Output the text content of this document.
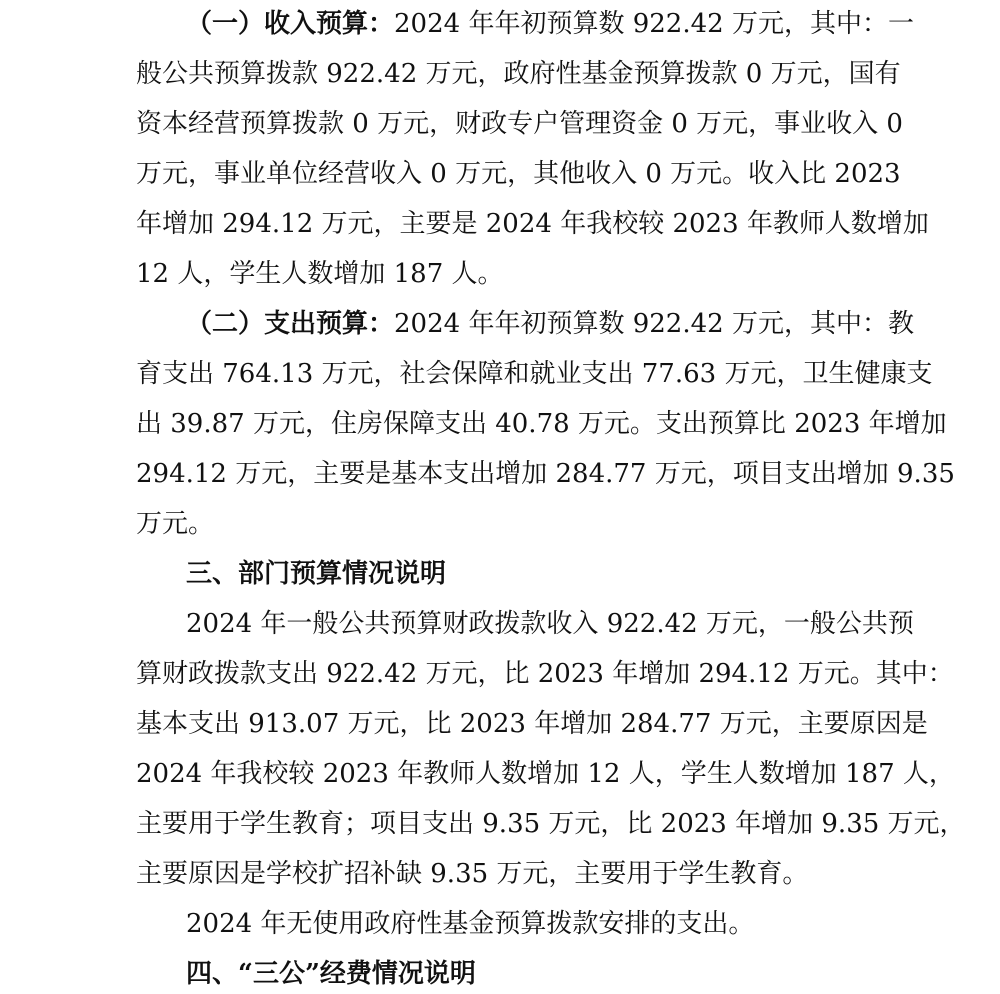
（一）收入预算：2024 年年初预算数 922.42 万元，其中：一
般公共预算拨款 922.42 万元，政府性基金预算拨款 0 万元，国有
资本经营预算拨款 0 万元，财政专户管理资金 0 万元，事业收入 0
万元，事业单位经营收入 0 万元，其他收入 0 万元。收入比 2023
年增加 294.12 万元，主要是 2024 年我校较 2023 年教师人数增加
12 人，学生人数增加 187 人。
（二）支出预算：2024 年年初预算数 922.42 万元，其中：教
育支出 764.13 万元，社会保障和就业支出 77.63 万元，卫生健康支
出 39.87 万元，住房保障支出 40.78 万元。支出预算比 2023 年增加
294.12 万元，主要是基本支出增加 284.77 万元，项目支出增加 9.35
万元。
三、部门预算情况说明
2024 年一般公共预算财政拨款收入 922.42 万元，一般公共预
算财政拨款支出 922.42 万元，比 2023 年增加 294.12 万元。其中：
基本支出 913.07 万元，比 2023 年增加 284.77 万元，主要原因是
2024 年我校较 2023 年教师人数增加 12 人，学生人数增加 187 人，
主要用于学生教育；项目支出 9.35 万元，比 2023 年增加 9.35 万元，
主要原因是学校扩招补缺 9.35 万元，主要用于学生教育。
2024 年无使用政府性基金预算拨款安排的支出。
四、“三公”经费情况说明
